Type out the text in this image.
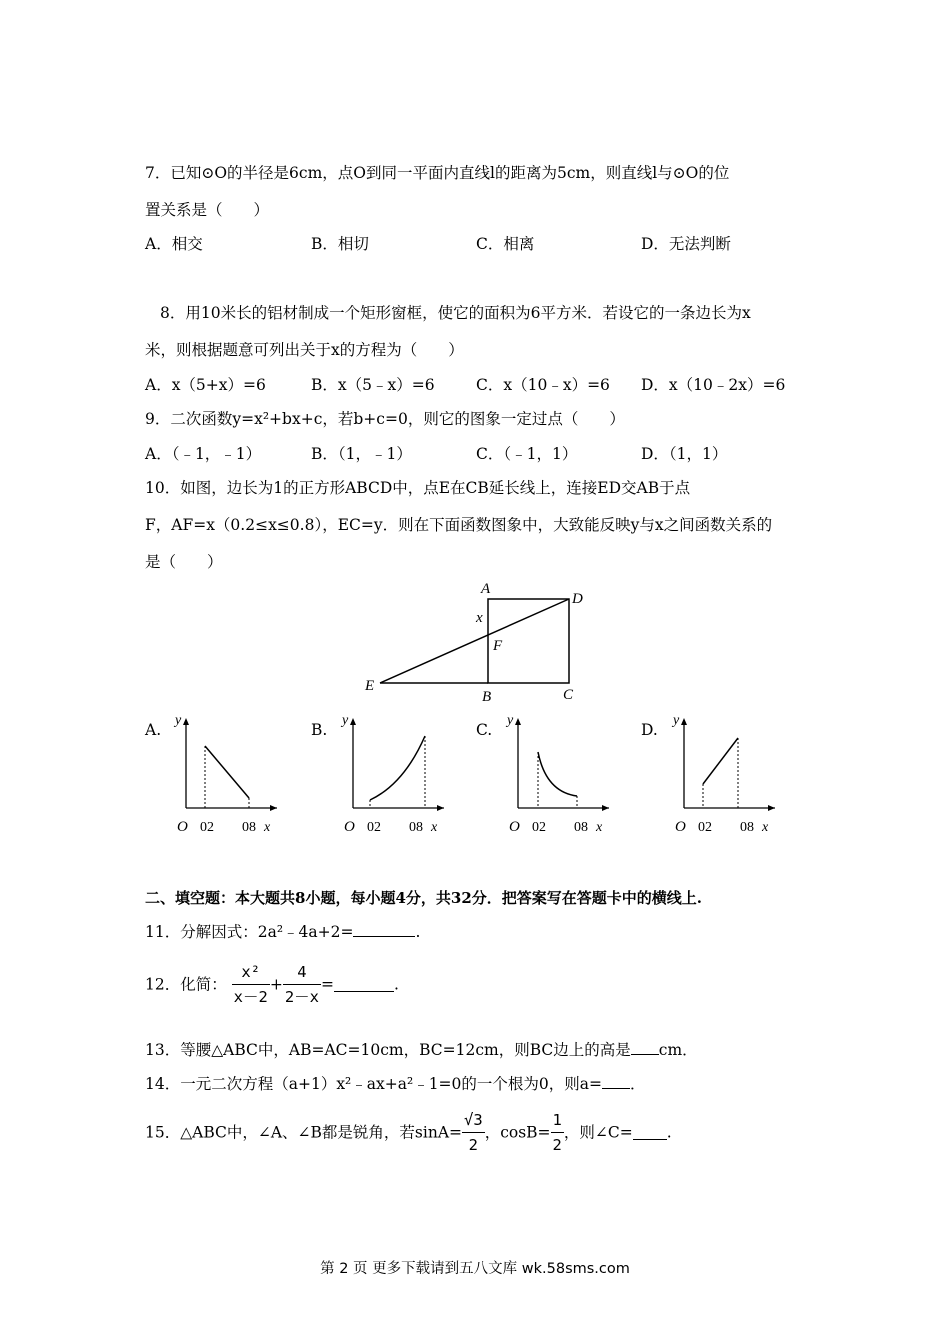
7．已知⊙O的半径是6cm，点O到同一平面内直线l的距离为5cm，则直线l与⊙O的位
置关系是（　　）
A．相交	B．相切	C．相离	D．无法判断
8．用10米长的铝材制成一个矩形窗框，使它的面积为6平方米．若设它的一条边长为x
米，则根据题意可列出关于x的方程为（　　）
A．x（5+x）=6	B．x（5﹣x）=6	C．x（10﹣x）=6 D．x（10﹣2x）=6
9．二次函数y=x²+bx+c，若b+c=0，则它的图象一定过点（　　）
A．（﹣1，﹣1）	B．（1，﹣1）	C．（﹣1，1）	D．（1，1）
10．如图，边长为1的正方形ABCD中，点E在CB延长线上，连接ED交AB于点
F，AF=x（0.2≤x≤0.8），EC=y．则在下面函数图象中，大致能反映y与x之间函数关系的
是（　　）
A
D
x
F
E
B	C
A.	B.	C.	D.
y
O 02 08 x
y
O 02 08 x
y
O 02 08 x
y
O 02 08 x
二、填空题：本大题共8小题，每小题4分，共32分．把答案写在答题卡中的横线上.
11．分解因式：2a²﹣4a+2=	.
12．化简： $\frac{\text{x²}}{x-2} + \frac{4}{2-x}$ =	.
13．等腰△ABC中，AB=AC=10cm，BC=12cm，则BC边上的高是 cm．
14．一元二次方程（a+1）x²﹣ax+a²﹣1=0的一个根为0，则a= ．
15．△ABC中，∠A、∠B都是锐角，若$\sin A= \frac{√3}{2}$ ，$\cos B= \frac{1}{2}$ ，则∠C= .
第 2 页 更多下载请到五八文库 wk.58sms.com
